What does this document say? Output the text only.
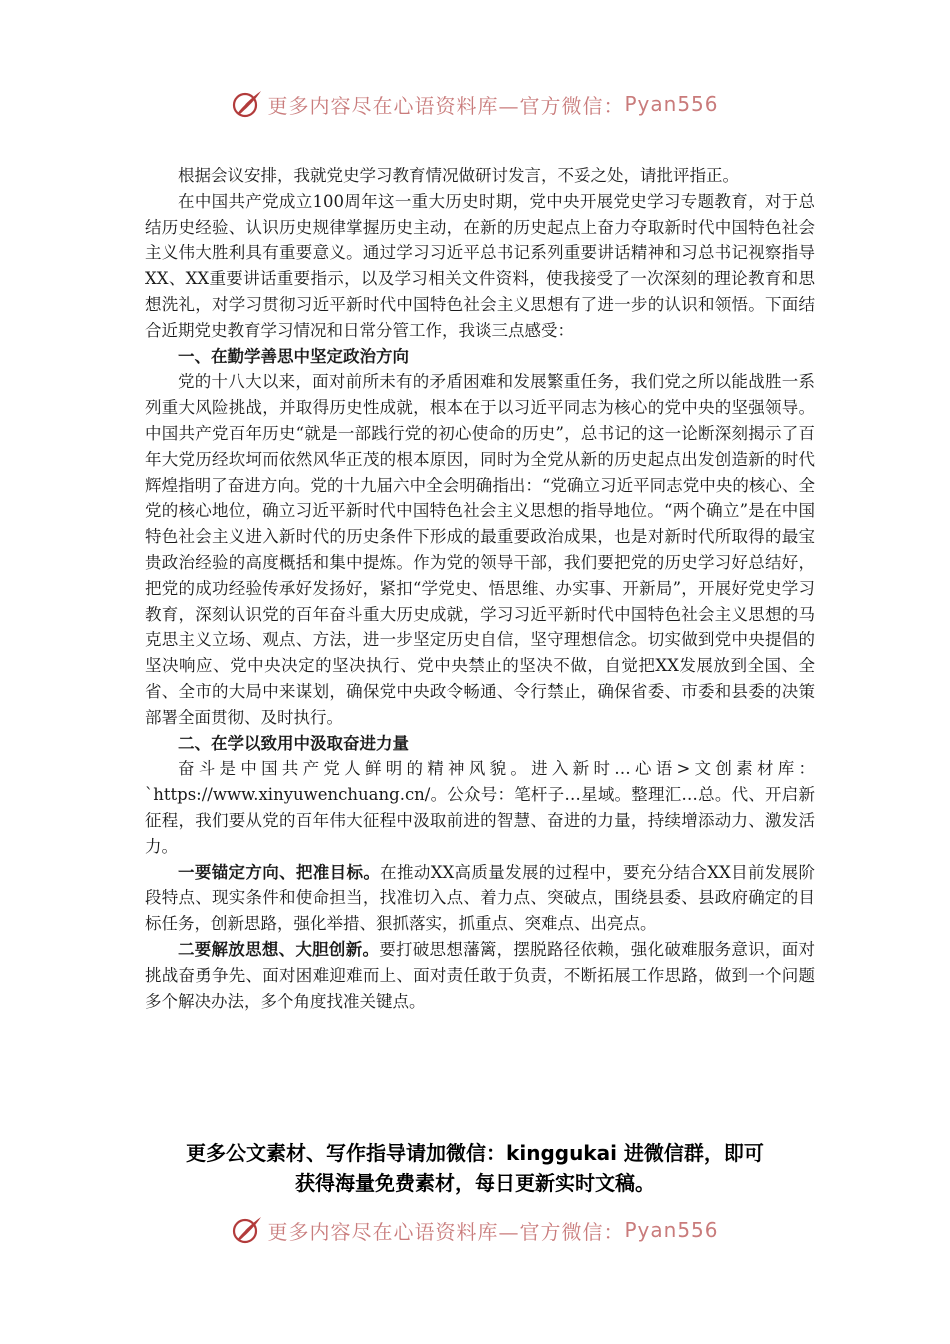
更多内容尽在心语资料库—官方微信： Pyan556

根据会议安排，我就党史学习教育情况做研讨发言，不妥之处，请批评指正。

在中国共产党成立100周年这一重大历史时期，党中央开展党史学习专题教育，对于总结历史经验、认识历史规律掌握历史主动，在新的历史起点上奋力夺取新时代中国特色社会主义伟大胜利具有重要意义。通过学习习近平总书记系列重要讲话精神和习总书记视察指导XX、XX重要讲话重要指示，以及学习相关文件资料，使我接受了一次深刻的理论教育和思想洗礼，对学习贯彻习近平新时代中国特色社会主义思想有了进一步的认识和领悟。下面结合近期党史教育学习情况和日常分管工作，我谈三点感受：

一、在勤学善思中坚定政治方向

党的十八大以来，面对前所未有的矛盾困难和发展繁重任务，我们党之所以能战胜一系列重大风险挑战，并取得历史性成就，根本在于以习近平同志为核心的党中央的坚强领导。中国共产党百年历史“就是一部践行党的初心使命的历史”，总书记的这一论断深刻揭示了百年大党历经坎坷而依然风华正茂的根本原因，同时为全党从新的历史起点出发创造新的时代辉煌指明了奋进方向。党的十九届六中全会明确指出：“党确立习近平同志党中央的核心、全党的核心地位，确立习近平新时代中国特色社会主义思想的指导地位。“两个确立”是在中国特色社会主义进入新时代的历史条件下形成的最重要政治成果，也是对新时代所取得的最宝贵政治经验的高度概括和集中提炼。作为党的领导干部，我们要把党的历史学习好总结好，把党的成功经验传承好发扬好，紧扣“学党史、悟思维、办实事、开新局”，开展好党史学习教育，深刻认识党的百年奋斗重大历史成就，学习习近平新时代中国特色社会主义思想的马克思主义立场、观点、方法，进一步坚定历史自信，坚守理想信念。切实做到党中央提倡的坚决响应、党中央决定的坚决执行、党中央禁止的坚决不做，自觉把XX发展放到全国、全省、全市的大局中来谋划，确保党中央政令畅通、令行禁止，确保省委、市委和县委的决策部署全面贯彻、及时执行。

二、在学以致用中汲取奋进力量

奋斗是中国共产党人鲜明的精神风貌。进入新时…心语>文创素材库：`https://www.xinyuwenchuang.cn/。公众号：笔杆子…星域。整理汇…总。代、开启新征程，我们要从党的百年伟大征程中汲取前进的智慧、奋进的力量，持续增添动力、激发活力。

一要锚定方向、把准目标。在推动XX高质量发展的过程中，要充分结合XX目前发展阶段特点、现实条件和使命担当，找准切入点、着力点、突破点，围绕县委、县政府确定的目标任务，创新思路，强化举措、狠抓落实，抓重点、突难点、出亮点。

二要解放思想、大胆创新。要打破思想藩篱，摆脱路径依赖，强化破难服务意识，面对挑战奋勇争先、面对困难迎难而上、面对责任敢于负责，不断拓展工作思路，做到一个问题多个解决办法，多个角度找准关键点。

更多公文素材、写作指导请加微信：kinggukai 进微信群，即可
获得海量免费素材，每日更新实时文稿。
更多内容尽在心语资料库—官方微信： Pyan556
